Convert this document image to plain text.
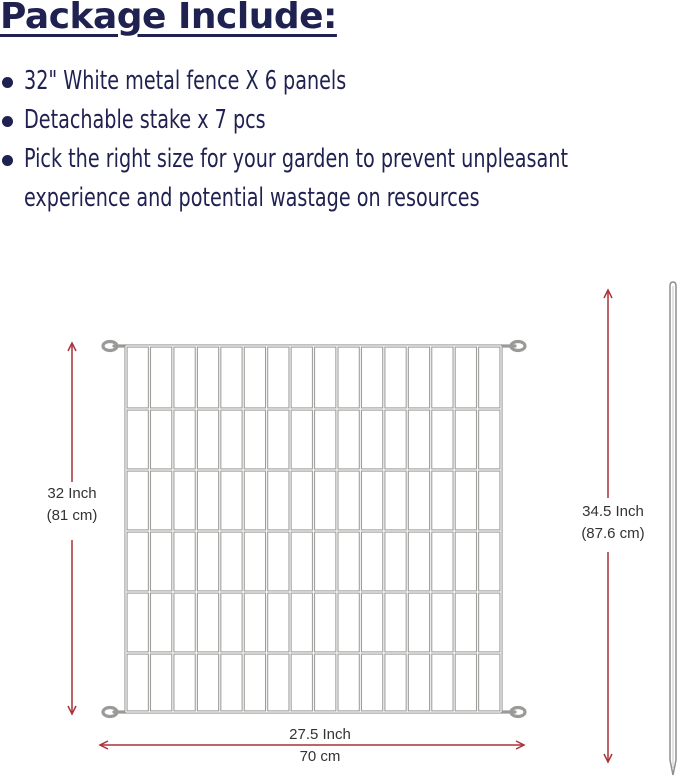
Package Include:
32" White metal fence X 6 panels
Detachable stake x 7 pcs
Pick the right size for your garden to prevent unpleasant
experience and potential wastage on resources
32 Inch
(81 cm)	34.5 Inch
(87.6 cm)
27.5 Inch
70 cm
